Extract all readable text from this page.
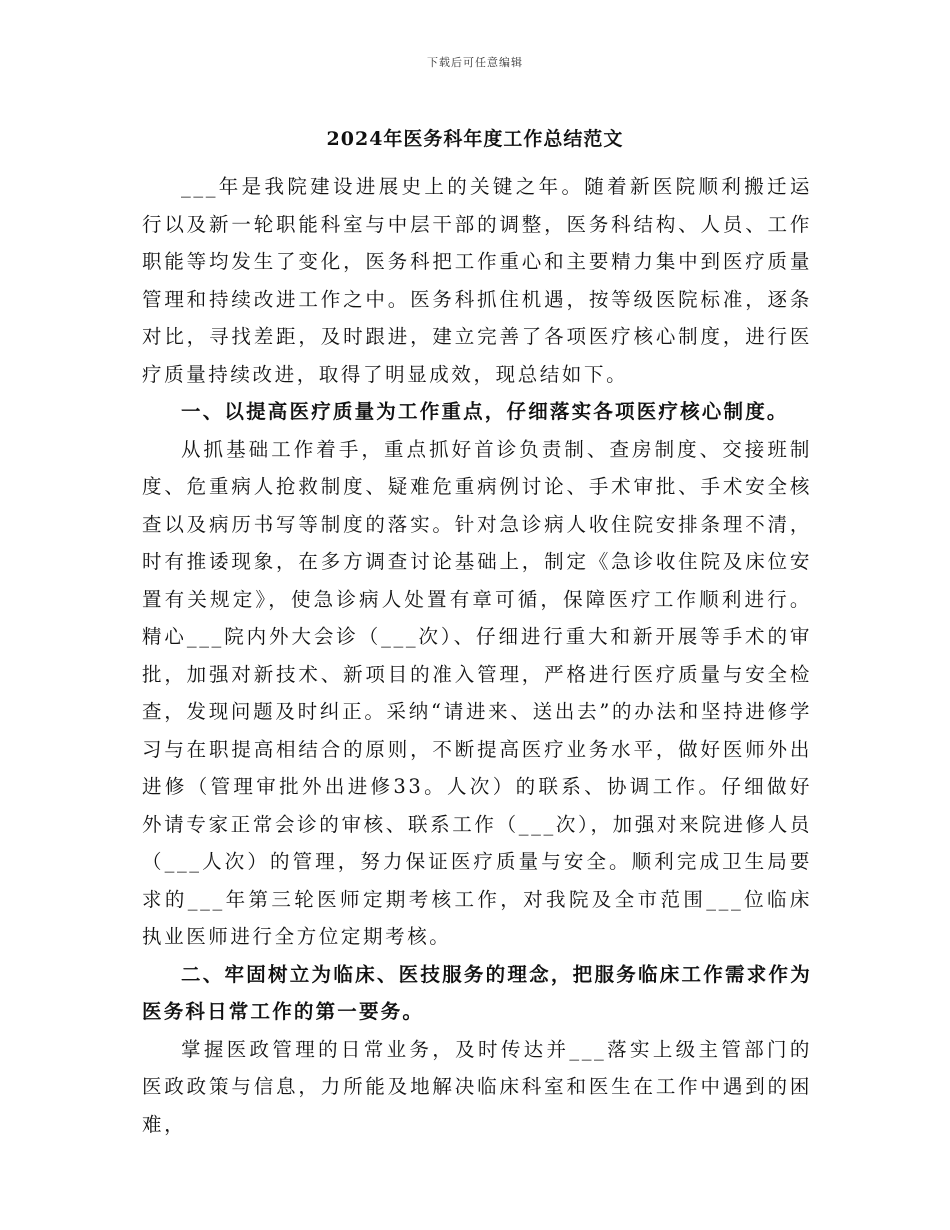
下载后可任意编辑
2024年医务科年度工作总结范文

___年是我院建设进展史上的关键之年。随着新医院顺利搬迁运行以及新一轮职能科室与中层干部的调整，医务科结构、人员、工作职能等均发生了变化，医务科把工作重心和主要精力集中到医疗质量管理和持续改进工作之中。医务科抓住机遇，按等级医院标准，逐条对比，寻找差距，及时跟进，建立完善了各项医疗核心制度，进行医疗质量持续改进，取得了明显成效，现总结如下。

一、以提高医疗质量为工作重点，仔细落实各项医疗核心制度。

从抓基础工作着手，重点抓好首诊负责制、查房制度、交接班制度、危重病人抢救制度、疑难危重病例讨论、手术审批、手术安全核查以及病历书写等制度的落实。针对急诊病人收住院安排条理不清，时有推诿现象，在多方调查讨论基础上，制定《急诊收住院及床位安置有关规定》，使急诊病人处置有章可循，保障医疗工作顺利进行。精心___院内外大会诊（___次）、仔细进行重大和新开展等手术的审批，加强对新技术、新项目的准入管理，严格进行医疗质量与安全检查，发现问题及时纠正。采纳“请进来、送出去”的办法和坚持进修学习与在职提高相结合的原则，不断提高医疗业务水平，做好医师外出进修（管理审批外出进修33。人次）的联系、协调工作。仔细做好外请专家正常会诊的审核、联系工作（___次），加强对来院进修人员（___人次）的管理，努力保证医疗质量与安全。顺利完成卫生局要求的___年第三轮医师定期考核工作，对我院及全市范围___位临床执业医师进行全方位定期考核。

二、牢固树立为临床、医技服务的理念，把服务临床工作需求作为医务科日常工作的第一要务。

掌握医政管理的日常业务，及时传达并___落实上级主管部门的医政政策与信息，力所能及地解决临床科室和医生在工作中遇到的困难，
